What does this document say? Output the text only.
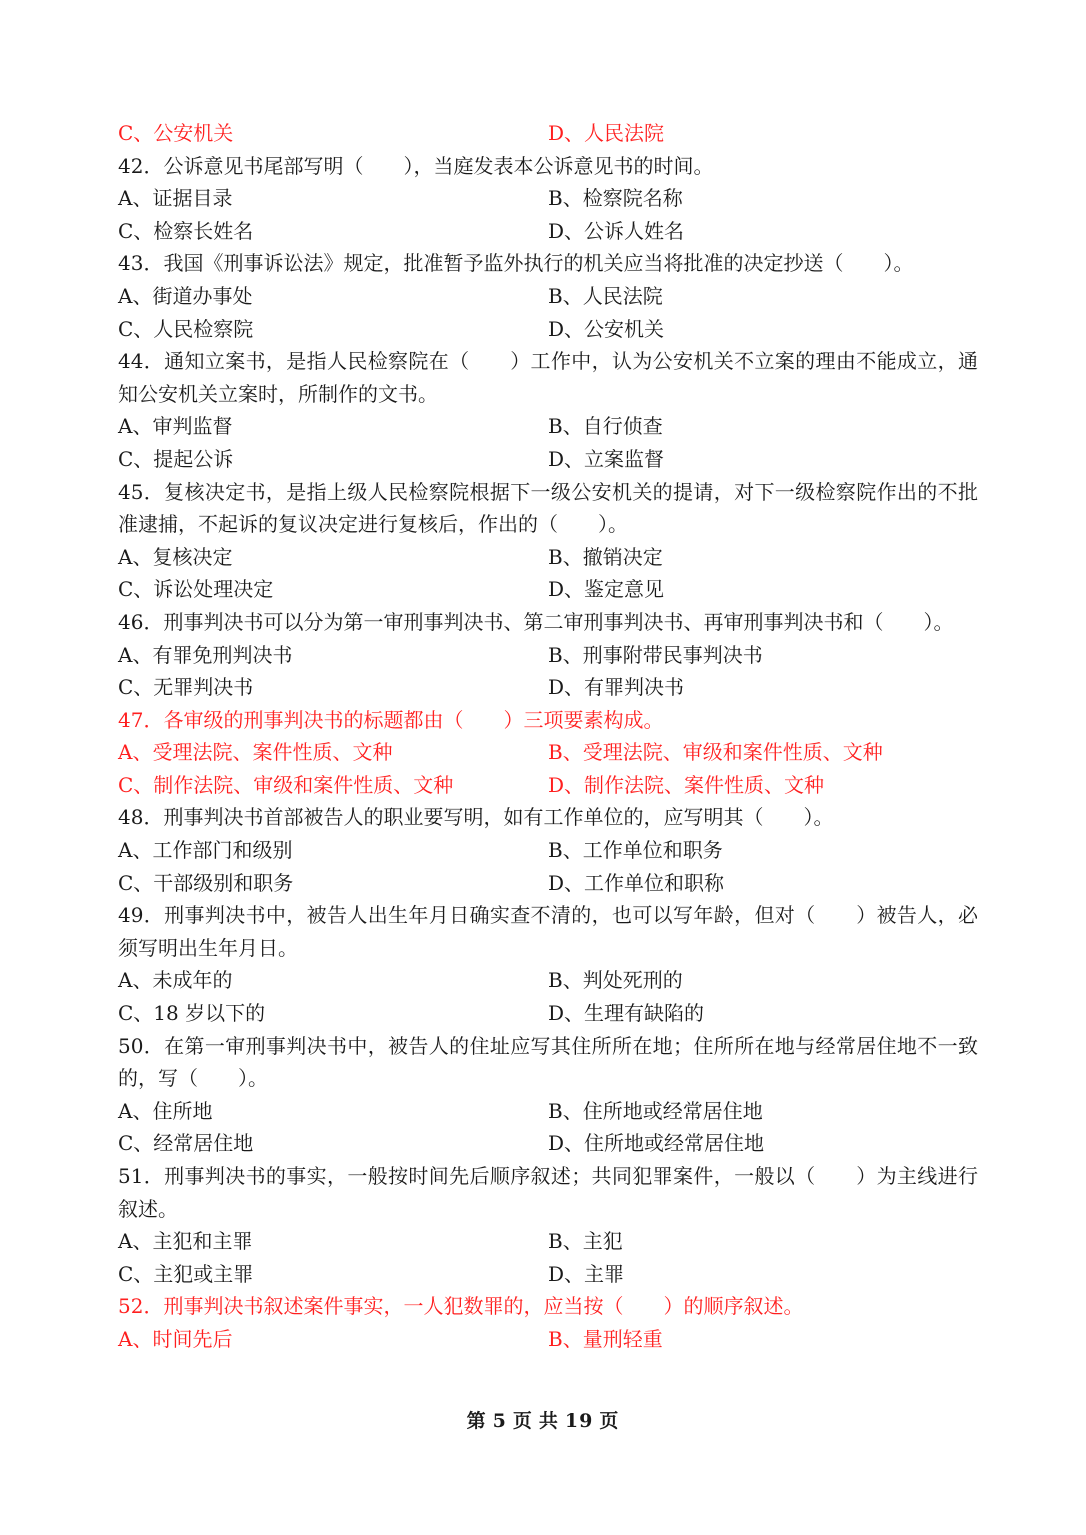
C、公安机关	D、人民法院
42．公诉意见书尾部写明（　　），当庭发表本公诉意见书的时间。
A、证据目录	B、检察院名称
C、检察长姓名	D、公诉人姓名
43．我国《刑事诉讼法》规定，批准暂予监外执行的机关应当将批准的决定抄送（　　）。
A、街道办事处	B、人民法院
C、人民检察院	D、公安机关
44．通知立案书，是指人民检察院在（　　）工作中，认为公安机关不立案的理由不能成立，通知公安机关立案时，所制作的文书。
A、审判监督	B、自行侦查
C、提起公诉	D、立案监督
45．复核决定书，是指上级人民检察院根据下一级公安机关的提请，对下一级检察院作出的不批准逮捕，不起诉的复议决定进行复核后，作出的（　　）。
A、复核决定	B、撤销决定
C、诉讼处理决定	D、鉴定意见
46．刑事判决书可以分为第一审刑事判决书、第二审刑事判决书、再审刑事判决书和（　　）。
A、有罪免刑判决书	B、刑事附带民事判决书
C、无罪判决书	D、有罪判决书
47．各审级的刑事判决书的标题都由（　　）三项要素构成。
A、受理法院、案件性质、文种	B、受理法院、审级和案件性质、文种
C、制作法院、审级和案件性质、文种	D、制作法院、案件性质、文种
48．刑事判决书首部被告人的职业要写明，如有工作单位的，应写明其（　　）。
A、工作部门和级别	B、工作单位和职务
C、干部级别和职务	D、工作单位和职称
49．刑事判决书中，被告人出生年月日确实查不清的，也可以写年龄，但对（　　）被告人，必须写明出生年月日。
A、未成年的	B、判处死刑的
C、18 岁以下的	D、生理有缺陷的
50．在第一审刑事判决书中，被告人的住址应写其住所所在地；住所所在地与经常居住地不一致的，写（　　）。
A、住所地	B、住所地或经常居住地
C、经常居住地	D、住所地或经常居住地
51．刑事判决书的事实，一般按时间先后顺序叙述；共同犯罪案件，一般以（　　）为主线进行叙述。
A、主犯和主罪	B、主犯
C、主犯或主罪	D、主罪
52．刑事判决书叙述案件事实，一人犯数罪的，应当按（　　）的顺序叙述。
A、时间先后	B、量刑轻重
第 5 页 共 19 页
